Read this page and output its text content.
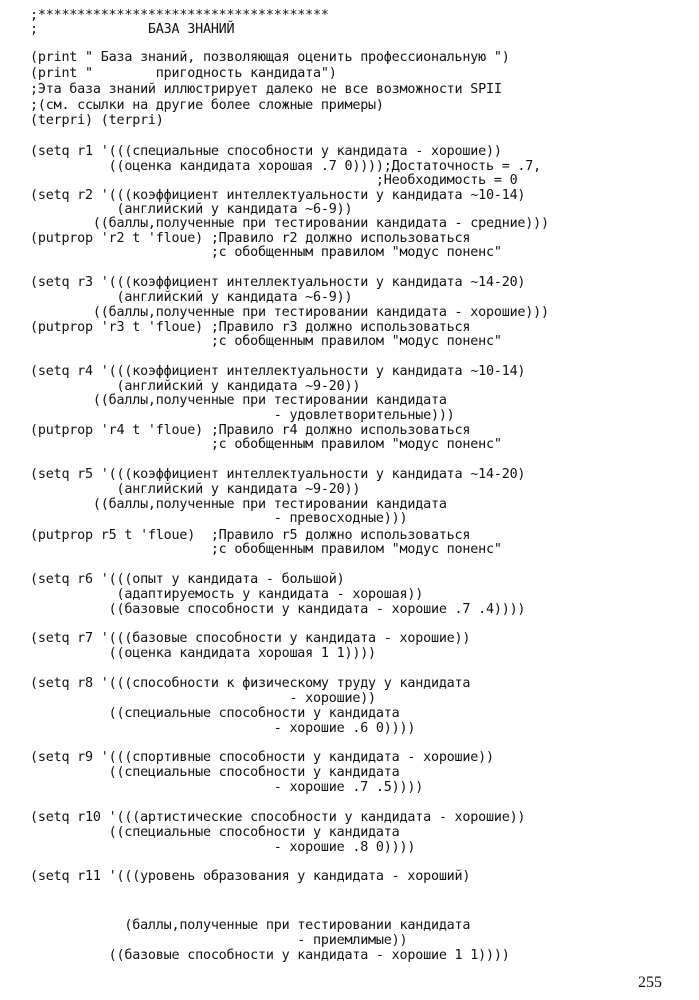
;*************************************
;              БАЗА ЗНАНИЙ
(print " База знаний, позволяющая оценить профессиональную ")
(print "        пригодность кандидата")
;Эта база знаний иллюстрирует далеко не все возможности SPII
;(см. ссылки на другие более сложные примеры)
(terpri) (terpri)
(setq r1 '(((специальные способности у кандидата - хорошие))
((оценка кандидата хорошая .7 0))));Достаточность = .7,
;Необходимость = 0
(setq r2 '(((коэффициент интеллектуальности у кандидата ~10-14)
(английский у кандидата ~6-9))
((баллы,полученные при тестировании кандидата - средние)))
(putprop 'r2 t 'floue) ;Правило r2 должно использоваться
;с обобщенным правилом "модус поненс"
(setq r3 '(((коэффициент интеллектуальности у кандидата ~14-20)
(английский у кандидата ~6-9))
((баллы,полученные при тестировании кандидата - хорошие)))
(putprop 'r3 t 'floue) ;Правило r3 должно использоваться
;с обобщенным правилом "модус поненс"
(setq r4 '(((коэффициент интеллектуальности у кандидата ~10-14)
(английский у кандидата ~9-20))
((баллы,полученные при тестировании кандидата
- удовлетворительные)))
(putprop 'r4 t 'floue) ;Правило r4 должно использоваться
;с обобщенным правилом "модус поненс"
(setq r5 '(((коэффициент интеллектуальности у кандидата ~14-20)
(английский у кандидата ~9-20))
((баллы,полученные при тестировании кандидата
- превосходные)))
(putprop r5 t 'floue)  ;Правило r5 должно использоваться
;с обобщенным правилом "модус поненс"
(setq r6 '(((опыт у кандидата - большой)
(адаптируемость у кандидата - хорошая))
((базовые способности у кандидата - хорошие .7 .4))))
(setq r7 '(((базовые способности у кандидата - хорошие))
((оценка кандидата хорошая 1 1))))
(setq r8 '(((способности к физическому труду у кандидата
- хорошие))
((специальные способности у кандидата
- хорошие .6 0))))
(setq r9 '(((спортивные способности у кандидата - хорошие))
((специальные способности у кандидата
- хорошие .7 .5))))
(setq r10 '(((артистические способности у кандидата - хорошие))
((специальные способности у кандидата
- хорошие .8 0))))
(setq r11 '(((уровень образования у кандидата - хороший)
(баллы,полученные при тестировании кандидата
- приемлимые))
((базовые способности у кандидата - хорошие 1 1))))
255
